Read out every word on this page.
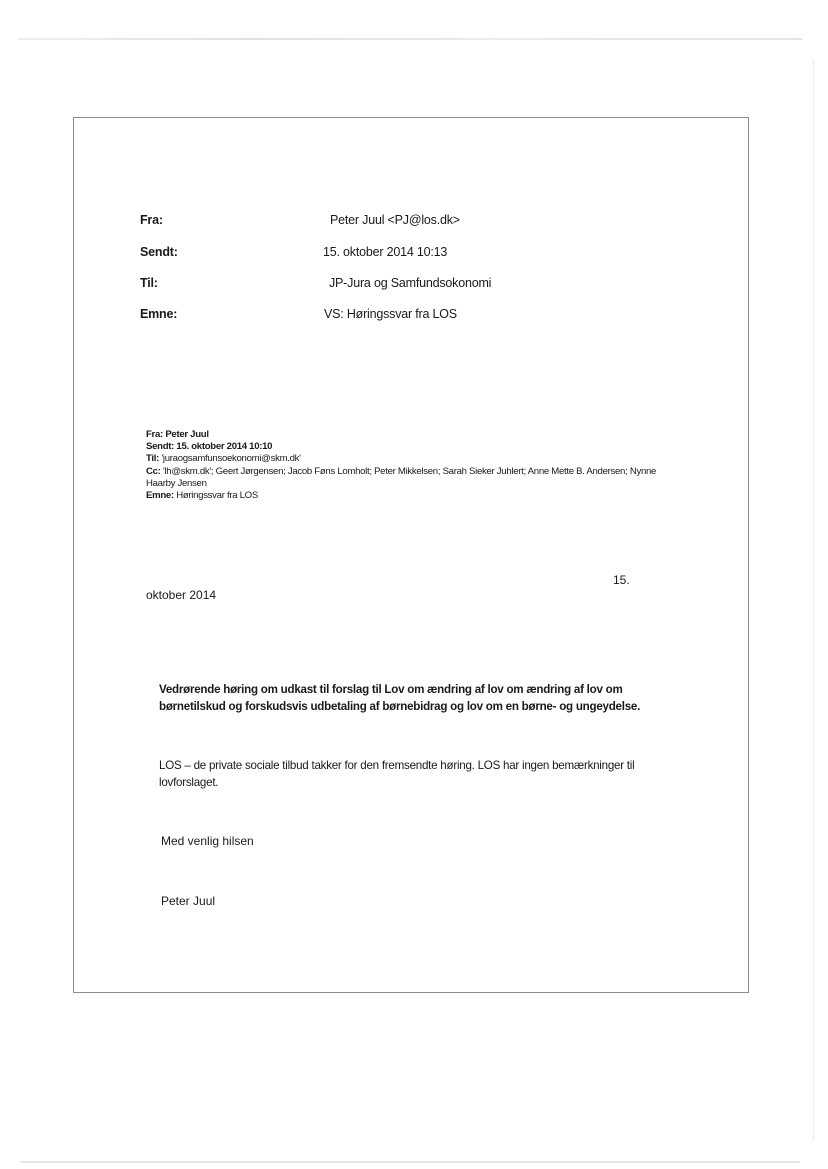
Fra:	Peter Juul <PJ@los.dk>
Sendt:	15. oktober 2014 10:13
Til:	JP-Jura og Samfundsokonomi
Emne:	VS: Høringssvar fra LOS
Fra: Peter Juul
Sendt: 15. oktober 2014 10:10
Til: 'juraogsamfunsoekonomi@skm.dk'
Cc: 'lh@skm.dk'; Geert Jørgensen; Jacob Føns Lomholt; Peter Mikkelsen; Sarah Sieker Juhlert; Anne Mette B. Andersen; Nynne Haarby Jensen
Emne: Høringssvar fra LOS
15.
oktober 2014
Vedrørende høring om udkast til forslag til Lov om ændring af lov om ændring af lov om børnetilskud og forskudsvis udbetaling af børnebidrag og lov om en børne- og ungeydelse.
LOS – de private sociale tilbud takker for den fremsendte høring. LOS har ingen bemærkninger til lovforslaget.
Med venlig hilsen
Peter Juul
